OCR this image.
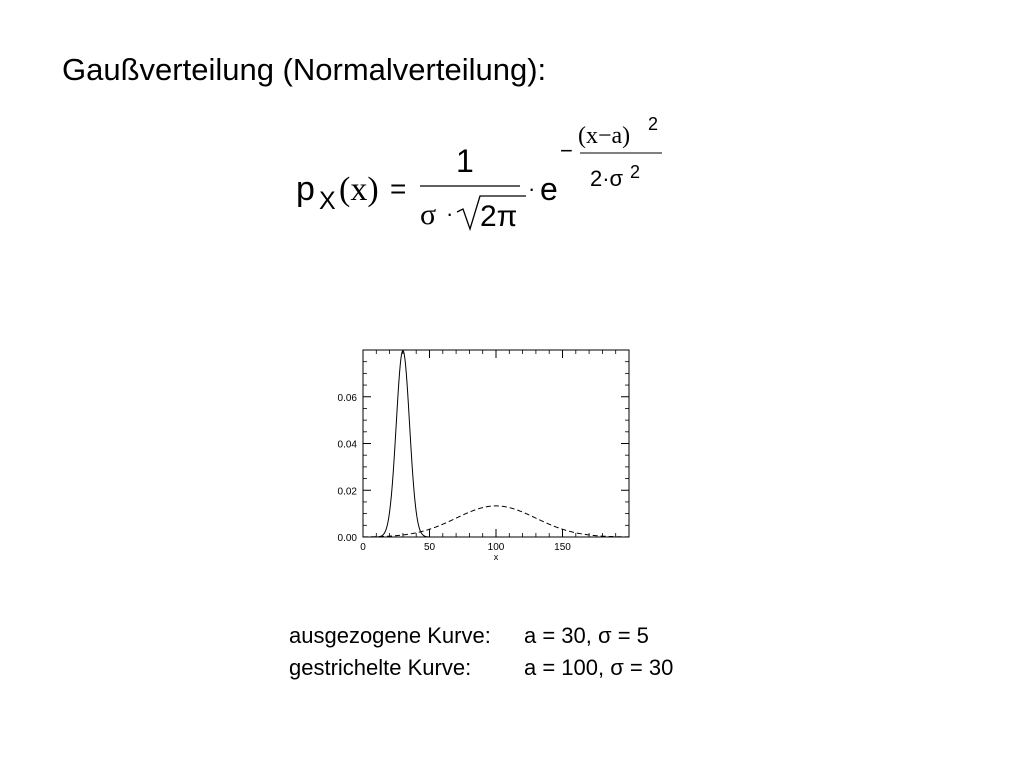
Gaußverteilung (Normalverteilung):
p X (x) =
1
σ · 2π
· e
−
(x−a) 2
2·σ 2
0	50	100	150
0.00
0.02
0.04
0.06
x
ausgezogene Kurve: a = 30, σ = 5
gestrichelte Kurve: a = 100, σ = 30
